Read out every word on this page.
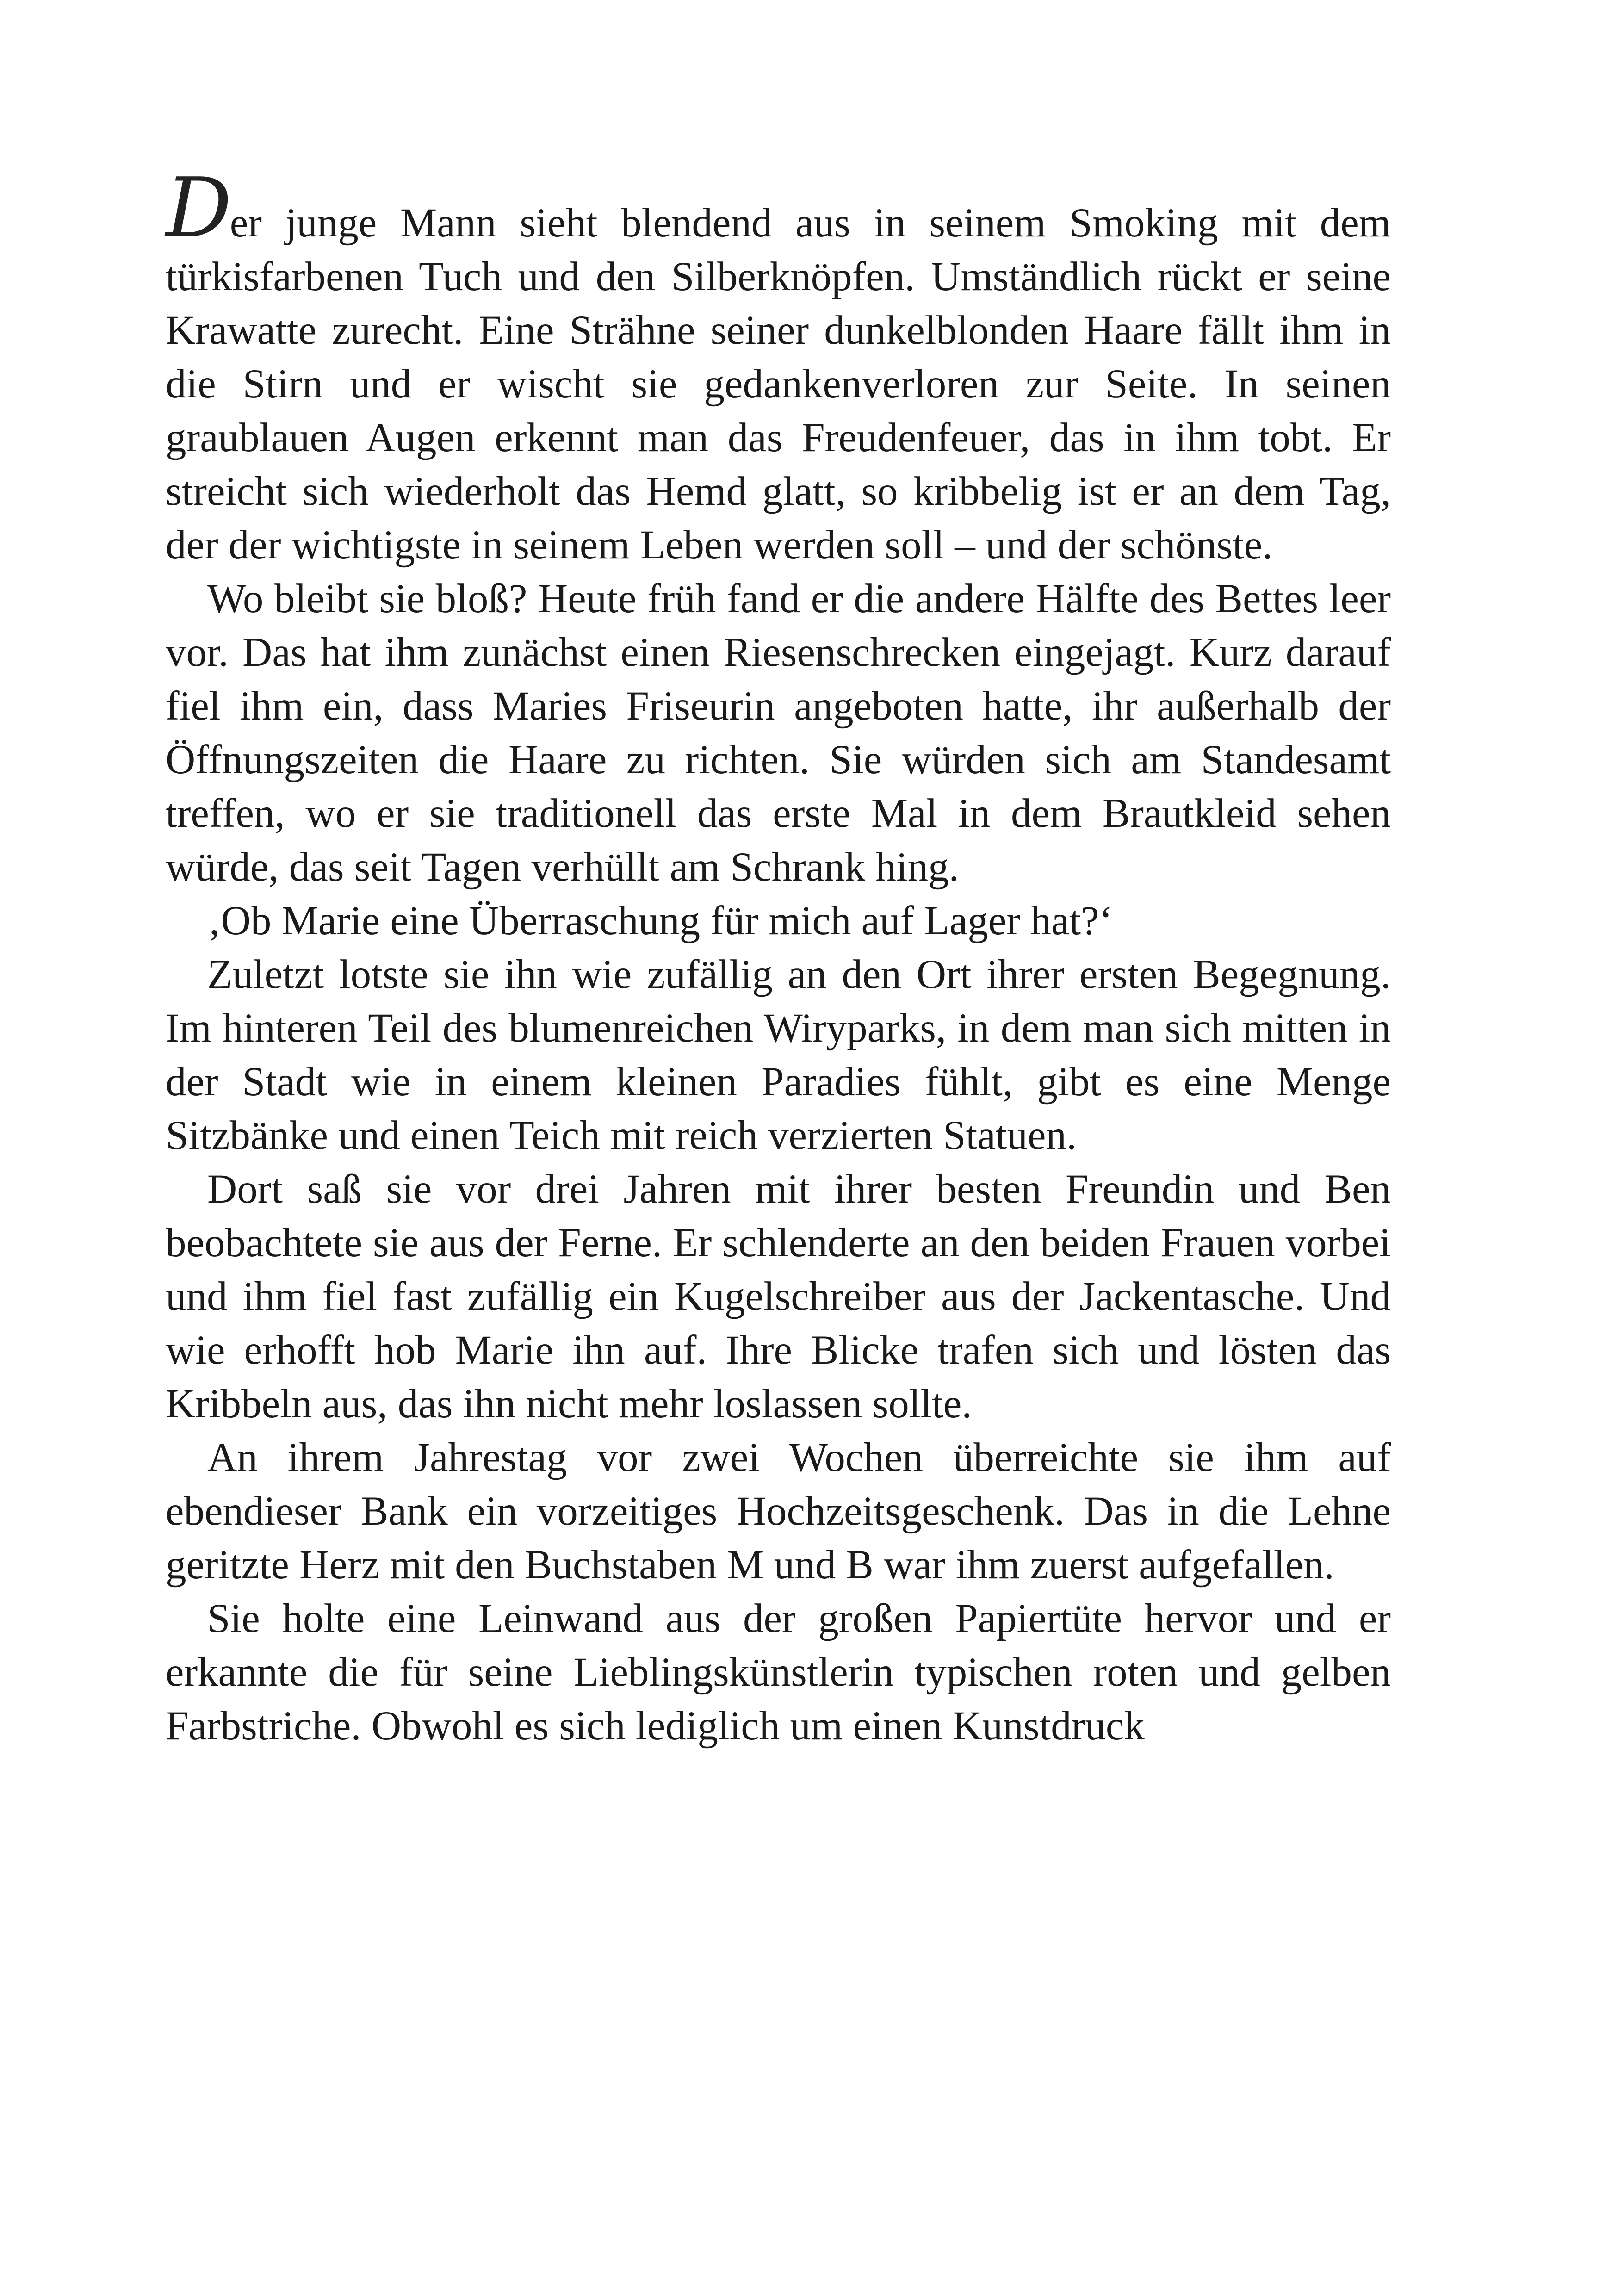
Der junge Mann sieht blendend aus in seinem Smoking mit dem türkisfarbenen Tuch und den Silberknöpfen. Umständlich rückt er seine Krawatte zurecht. Eine Strähne seiner dunkelblonden Haare fällt ihm in die Stirn und er wischt sie gedankenverloren zur Seite. In seinen graublauen Augen erkennt man das Freudenfeuer, das in ihm tobt. Er streicht sich wiederholt das Hemd glatt, so kribbelig ist er an dem Tag, der der wichtigste in seinem Leben werden soll – und der schönste.

Wo bleibt sie bloß? Heute früh fand er die andere Hälfte des Bettes leer vor. Das hat ihm zunächst einen Riesenschrecken eingejagt. Kurz darauf fiel ihm ein, dass Maries Friseurin angeboten hatte, ihr außerhalb der Öffnungszeiten die Haare zu richten. Sie würden sich am Standesamt treffen, wo er sie traditionell das erste Mal in dem Brautkleid sehen würde, das seit Tagen verhüllt am Schrank hing.

‚Ob Marie eine Überraschung für mich auf Lager hat?‘

Zuletzt lotste sie ihn wie zufällig an den Ort ihrer ersten Begegnung. Im hinteren Teil des blumenreichen Wiryparks, in dem man sich mitten in der Stadt wie in einem kleinen Paradies fühlt, gibt es eine Menge Sitzbänke und einen Teich mit reich verzierten Statuen.

Dort saß sie vor drei Jahren mit ihrer besten Freundin und Ben beobachtete sie aus der Ferne. Er schlenderte an den beiden Frauen vorbei und ihm fiel fast zufällig ein Kugelschreiber aus der Jackentasche. Und wie erhofft hob Marie ihn auf. Ihre Blicke trafen sich und lösten das Kribbeln aus, das ihn nicht mehr loslassen sollte.

An ihrem Jahrestag vor zwei Wochen überreichte sie ihm auf ebendieser Bank ein vorzeitiges Hochzeitsgeschenk. Das in die Lehne geritzte Herz mit den Buchstaben M und B war ihm zuerst aufgefallen.

Sie holte eine Leinwand aus der großen Papiertüte hervor und er erkannte die für seine Lieblingskünstlerin typischen roten und gelben Farbstriche. Obwohl es sich lediglich um einen Kunstdruck
